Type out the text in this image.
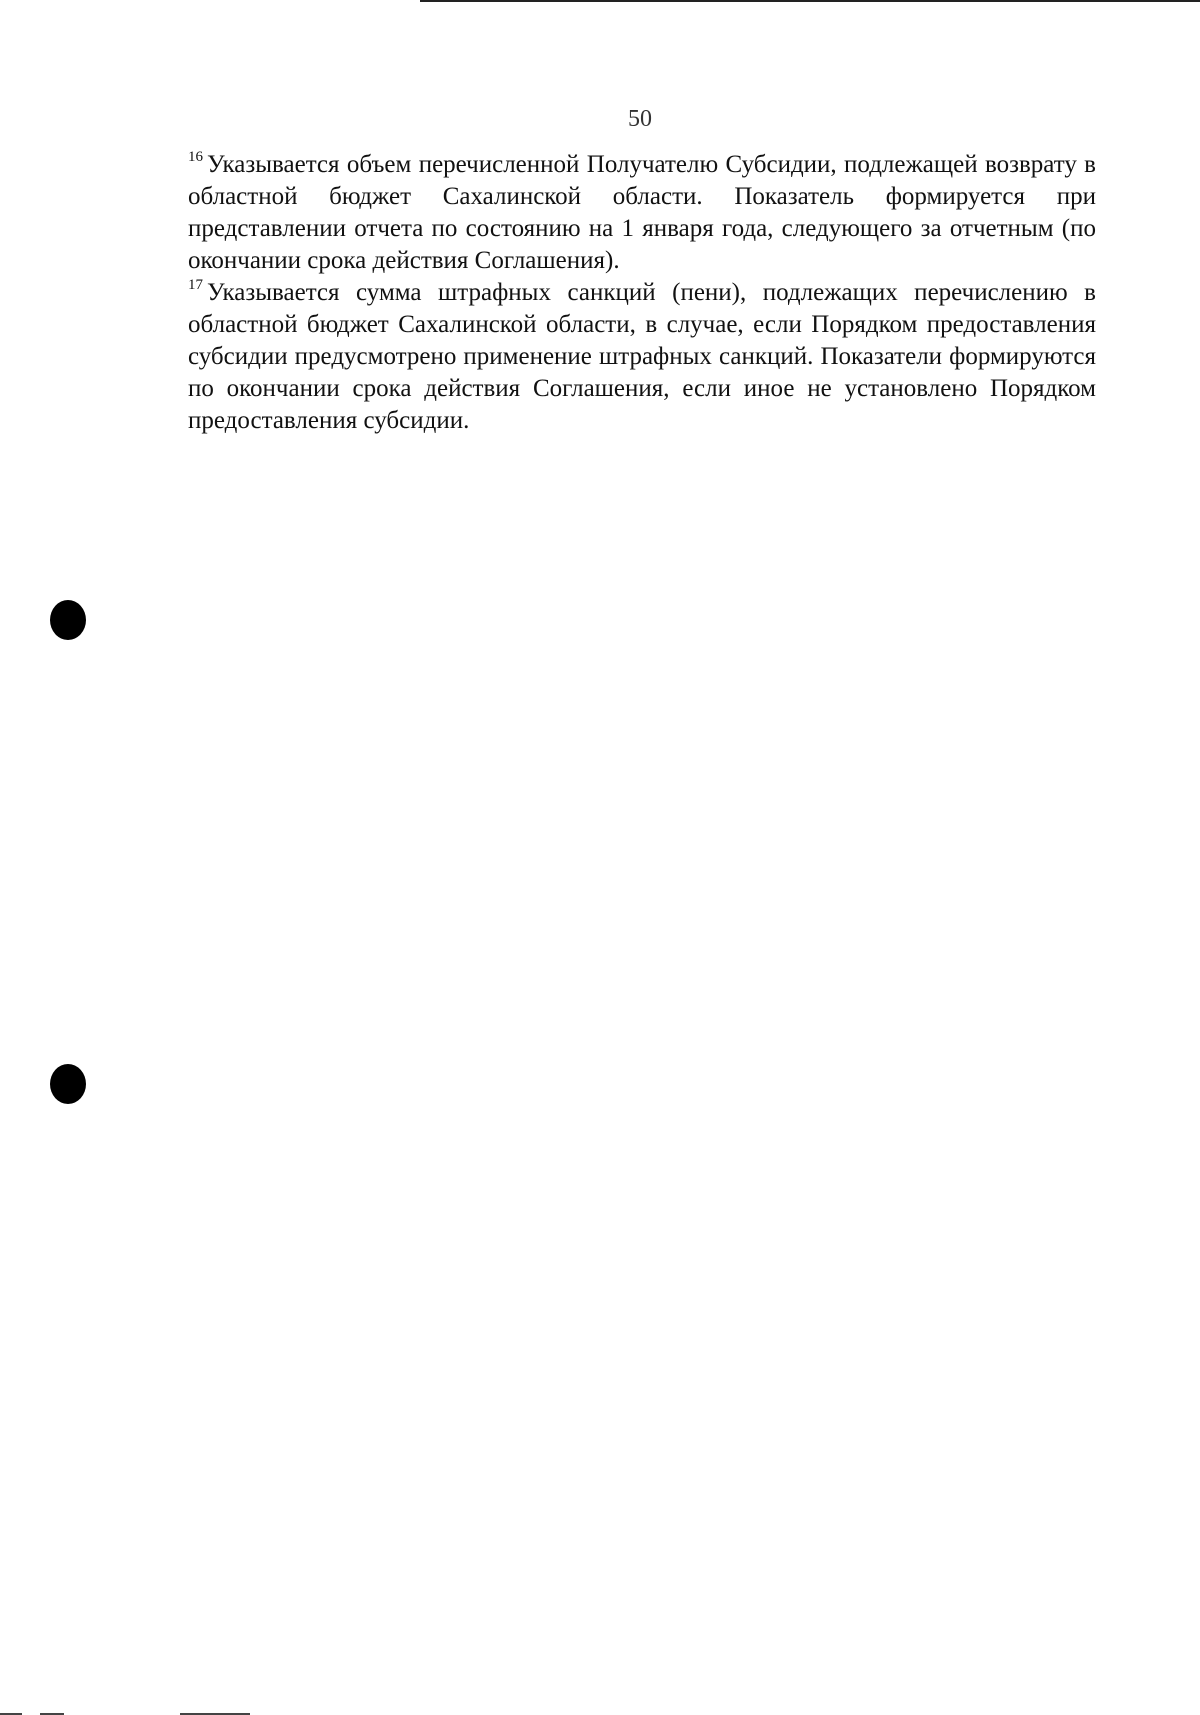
50

$^{16}$ Указывается объем перечисленной Получателю Субсидии, подлежащей возврату в областной бюджет Сахалинской области. Показатель формируется при представлении отчета по состоянию на 1 января года, следующего за отчетным (по окончании срока действия Соглашения).

$^{17}$ Указывается сумма штрафных санкций (пени), подлежащих перечислению в областной бюджет Сахалинской области, в случае, если Порядком предоставления субсидии предусмотрено применение штрафных санкций. Показатели формируются по окончании срока действия Соглашения, если иное не установлено Порядком предоставления субсидии.
